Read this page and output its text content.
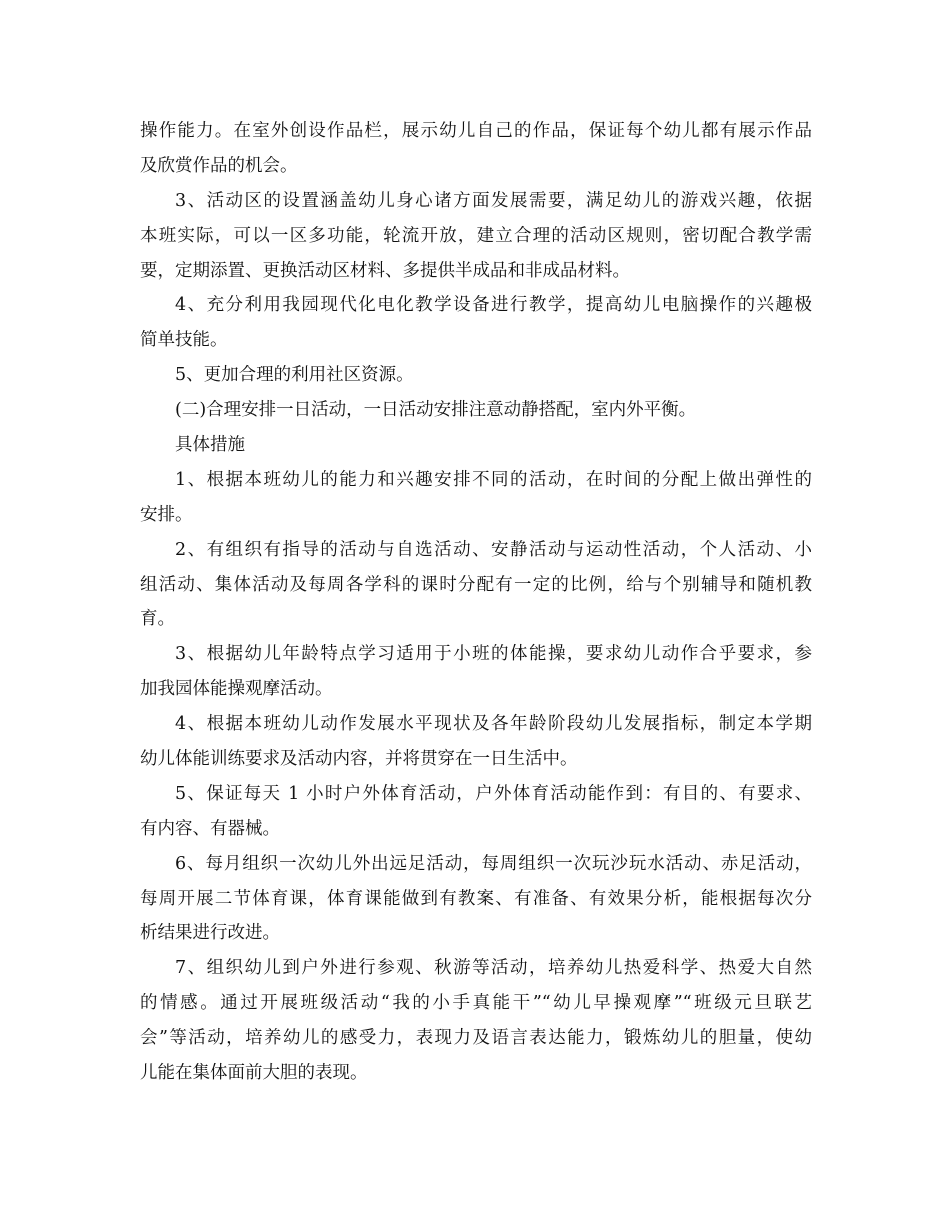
操作能力。在室外创设作品栏，展示幼儿自己的作品，保证每个幼儿都有展示作品
及欣赏作品的机会。
3、活动区的设置涵盖幼儿身心诸方面发展需要，满足幼儿的游戏兴趣，依据
本班实际，可以一区多功能，轮流开放，建立合理的活动区规则，密切配合教学需
要，定期添置、更换活动区材料、多提供半成品和非成品材料。
4、充分利用我园现代化电化教学设备进行教学，提高幼儿电脑操作的兴趣极
简单技能。
5、更加合理的利用社区资源。
(二)合理安排一日活动，一日活动安排注意动静搭配，室内外平衡。
具体措施
1、根据本班幼儿的能力和兴趣安排不同的活动，在时间的分配上做出弹性的
安排。
2、有组织有指导的活动与自选活动、安静活动与运动性活动，个人活动、小
组活动、集体活动及每周各学科的课时分配有一定的比例，给与个别辅导和随机教
育。
3、根据幼儿年龄特点学习适用于小班的体能操，要求幼儿动作合乎要求，参
加我园体能操观摩活动。
4、根据本班幼儿动作发展水平现状及各年龄阶段幼儿发展指标，制定本学期
幼儿体能训练要求及活动内容，并将贯穿在一日生活中。
5、保证每天 1 小时户外体育活动，户外体育活动能作到：有目的、有要求、
有内容、有器械。
6、每月组织一次幼儿外出远足活动，每周组织一次玩沙玩水活动、赤足活动，
每周开展二节体育课，体育课能做到有教案、有准备、有效果分析，能根据每次分
析结果进行改进。
7、组织幼儿到户外进行参观、秋游等活动，培养幼儿热爱科学、热爱大自然
的情感。通过开展班级活动“我的小手真能干”“幼儿早操观摩”“班级元旦联艺
会”等活动，培养幼儿的感受力，表现力及语言表达能力，锻炼幼儿的胆量，使幼
儿能在集体面前大胆的表现。
